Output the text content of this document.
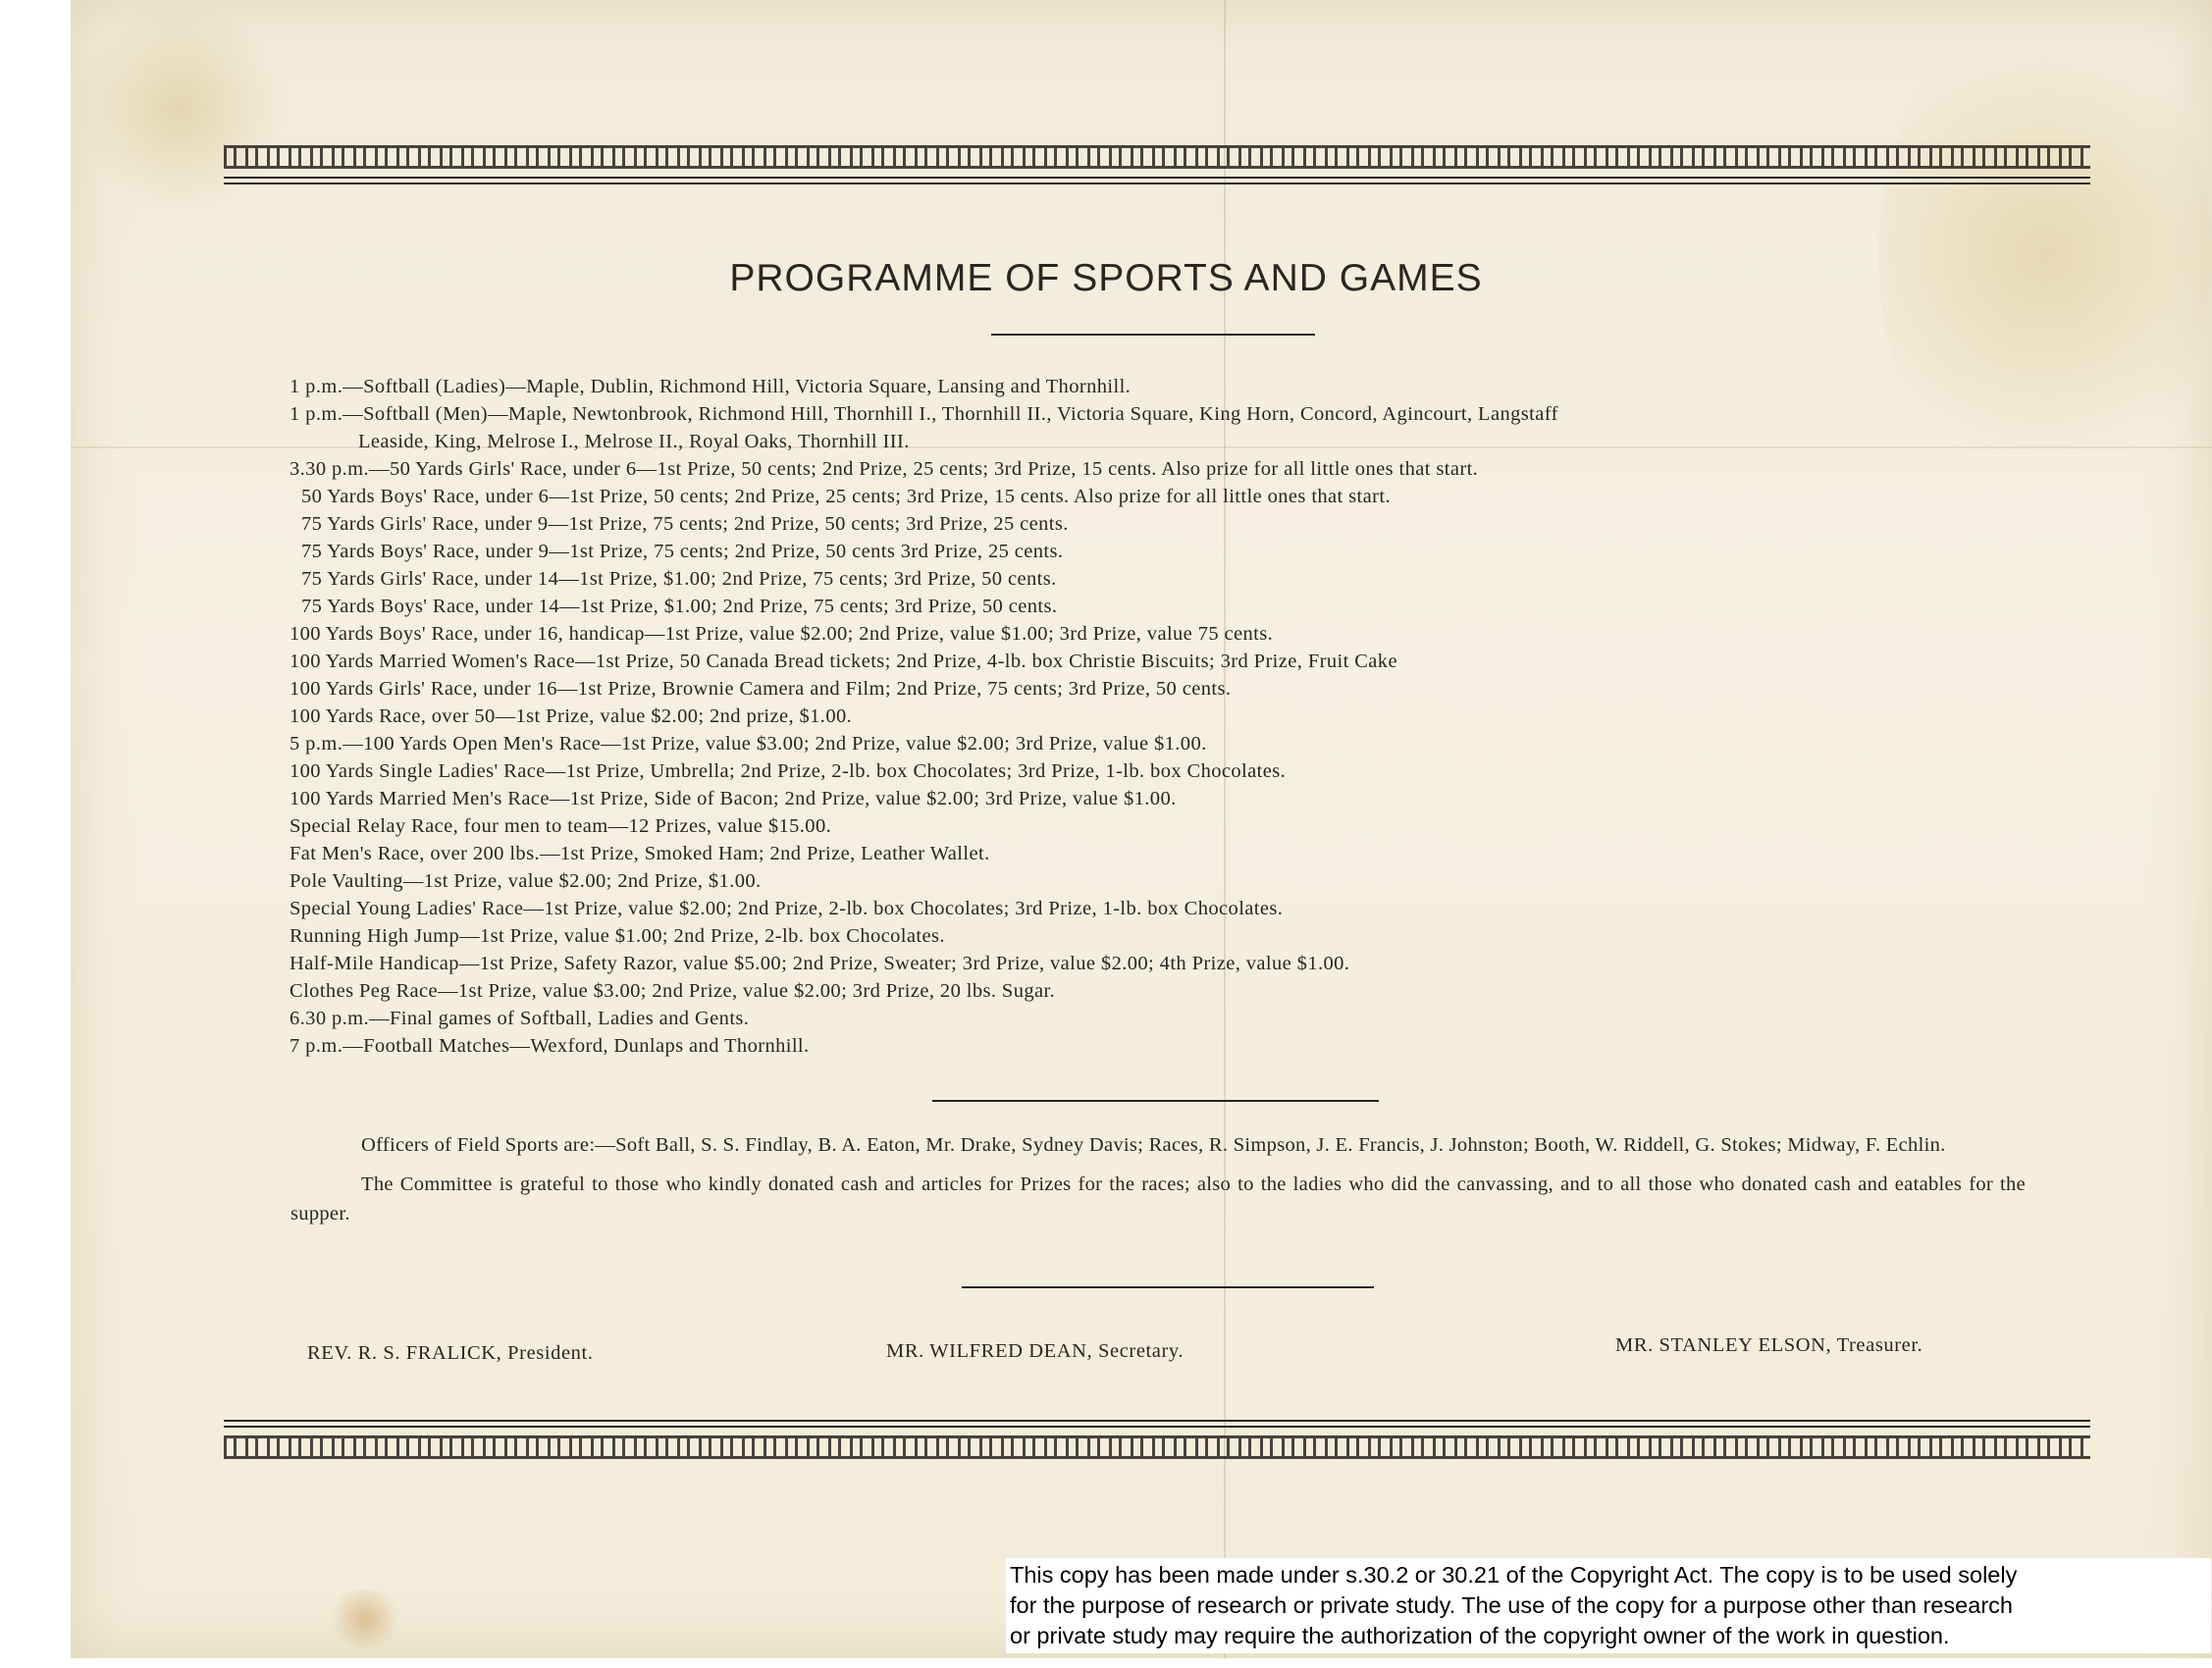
PROGRAMME OF SPORTS AND GAMES
1 p.m.—Softball (Ladies)—Maple, Dublin, Richmond Hill, Victoria Square, Lansing and Thornhill.
1 p.m.—Softball (Men)—Maple, Newtonbrook, Richmond Hill, Thornhill I., Thornhill II., Victoria Square, King Horn, Concord, Agincourt, Langstaff
Leaside, King, Melrose I., Melrose II., Royal Oaks, Thornhill III.
3.30 p.m.—50 Yards Girls' Race, under 6—1st Prize, 50 cents; 2nd Prize, 25 cents; 3rd Prize, 15 cents. Also prize for all little ones that start.
50 Yards Boys' Race, under 6—1st Prize, 50 cents; 2nd Prize, 25 cents; 3rd Prize, 15 cents. Also prize for all little ones that start.
75 Yards Girls' Race, under 9—1st Prize, 75 cents; 2nd Prize, 50 cents; 3rd Prize, 25 cents.
75 Yards Boys' Race, under 9—1st Prize, 75 cents; 2nd Prize, 50 cents 3rd Prize, 25 cents.
75 Yards Girls' Race, under 14—1st Prize, $1.00; 2nd Prize, 75 cents; 3rd Prize, 50 cents.
75 Yards Boys' Race, under 14—1st Prize, $1.00; 2nd Prize, 75 cents; 3rd Prize, 50 cents.
100 Yards Boys' Race, under 16, handicap—1st Prize, value $2.00; 2nd Prize, value $1.00; 3rd Prize, value 75 cents.
100 Yards Married Women's Race—1st Prize, 50 Canada Bread tickets; 2nd Prize, 4-lb. box Christie Biscuits; 3rd Prize, Fruit Cake
100 Yards Girls' Race, under 16—1st Prize, Brownie Camera and Film; 2nd Prize, 75 cents; 3rd Prize, 50 cents.
100 Yards Race, over 50—1st Prize, value $2.00; 2nd prize, $1.00.
5 p.m.—100 Yards Open Men's Race—1st Prize, value $3.00; 2nd Prize, value $2.00; 3rd Prize, value $1.00.
100 Yards Single Ladies' Race—1st Prize, Umbrella; 2nd Prize, 2-lb. box Chocolates; 3rd Prize, 1-lb. box Chocolates.
100 Yards Married Men's Race—1st Prize, Side of Bacon; 2nd Prize, value $2.00; 3rd Prize, value $1.00.
Special Relay Race, four men to team—12 Prizes, value $15.00.
Fat Men's Race, over 200 lbs.—1st Prize, Smoked Ham; 2nd Prize, Leather Wallet.
Pole Vaulting—1st Prize, value $2.00; 2nd Prize, $1.00.
Special Young Ladies' Race—1st Prize, value $2.00; 2nd Prize, 2-lb. box Chocolates; 3rd Prize, 1-lb. box Chocolates.
Running High Jump—1st Prize, value $1.00; 2nd Prize, 2-lb. box Chocolates.
Half-Mile Handicap—1st Prize, Safety Razor, value $5.00; 2nd Prize, Sweater; 3rd Prize, value $2.00; 4th Prize, value $1.00.
Clothes Peg Race—1st Prize, value $3.00; 2nd Prize, value $2.00; 3rd Prize, 20 lbs. Sugar.
6.30 p.m.—Final games of Softball, Ladies and Gents.
7 p.m.—Football Matches—Wexford, Dunlaps and Thornhill.

Officers of Field Sports are:—Soft Ball, S. S. Findlay, B. A. Eaton, Mr. Drake, Sydney Davis; Races, R. Simpson, J. E. Francis, J. Johnston; Booth, W. Riddell, G. Stokes; Midway, F. Echlin.

The Committee is grateful to those who kindly donated cash and articles for Prizes for the races; also to the ladies who did the canvassing, and to all those who donated cash and eatables for the supper.

REV. R. S. FRALICK, President.	MR. WILFRED DEAN, Secretary.	MR. STANLEY ELSON, Treasurer.
This copy has been made under s.30.2 or 30.21 of the Copyright Act. The copy is to be used solely
for the purpose of research or private study. The use of the copy for a purpose other than research
or private study may require the authorization of the copyright owner of the work in question.
